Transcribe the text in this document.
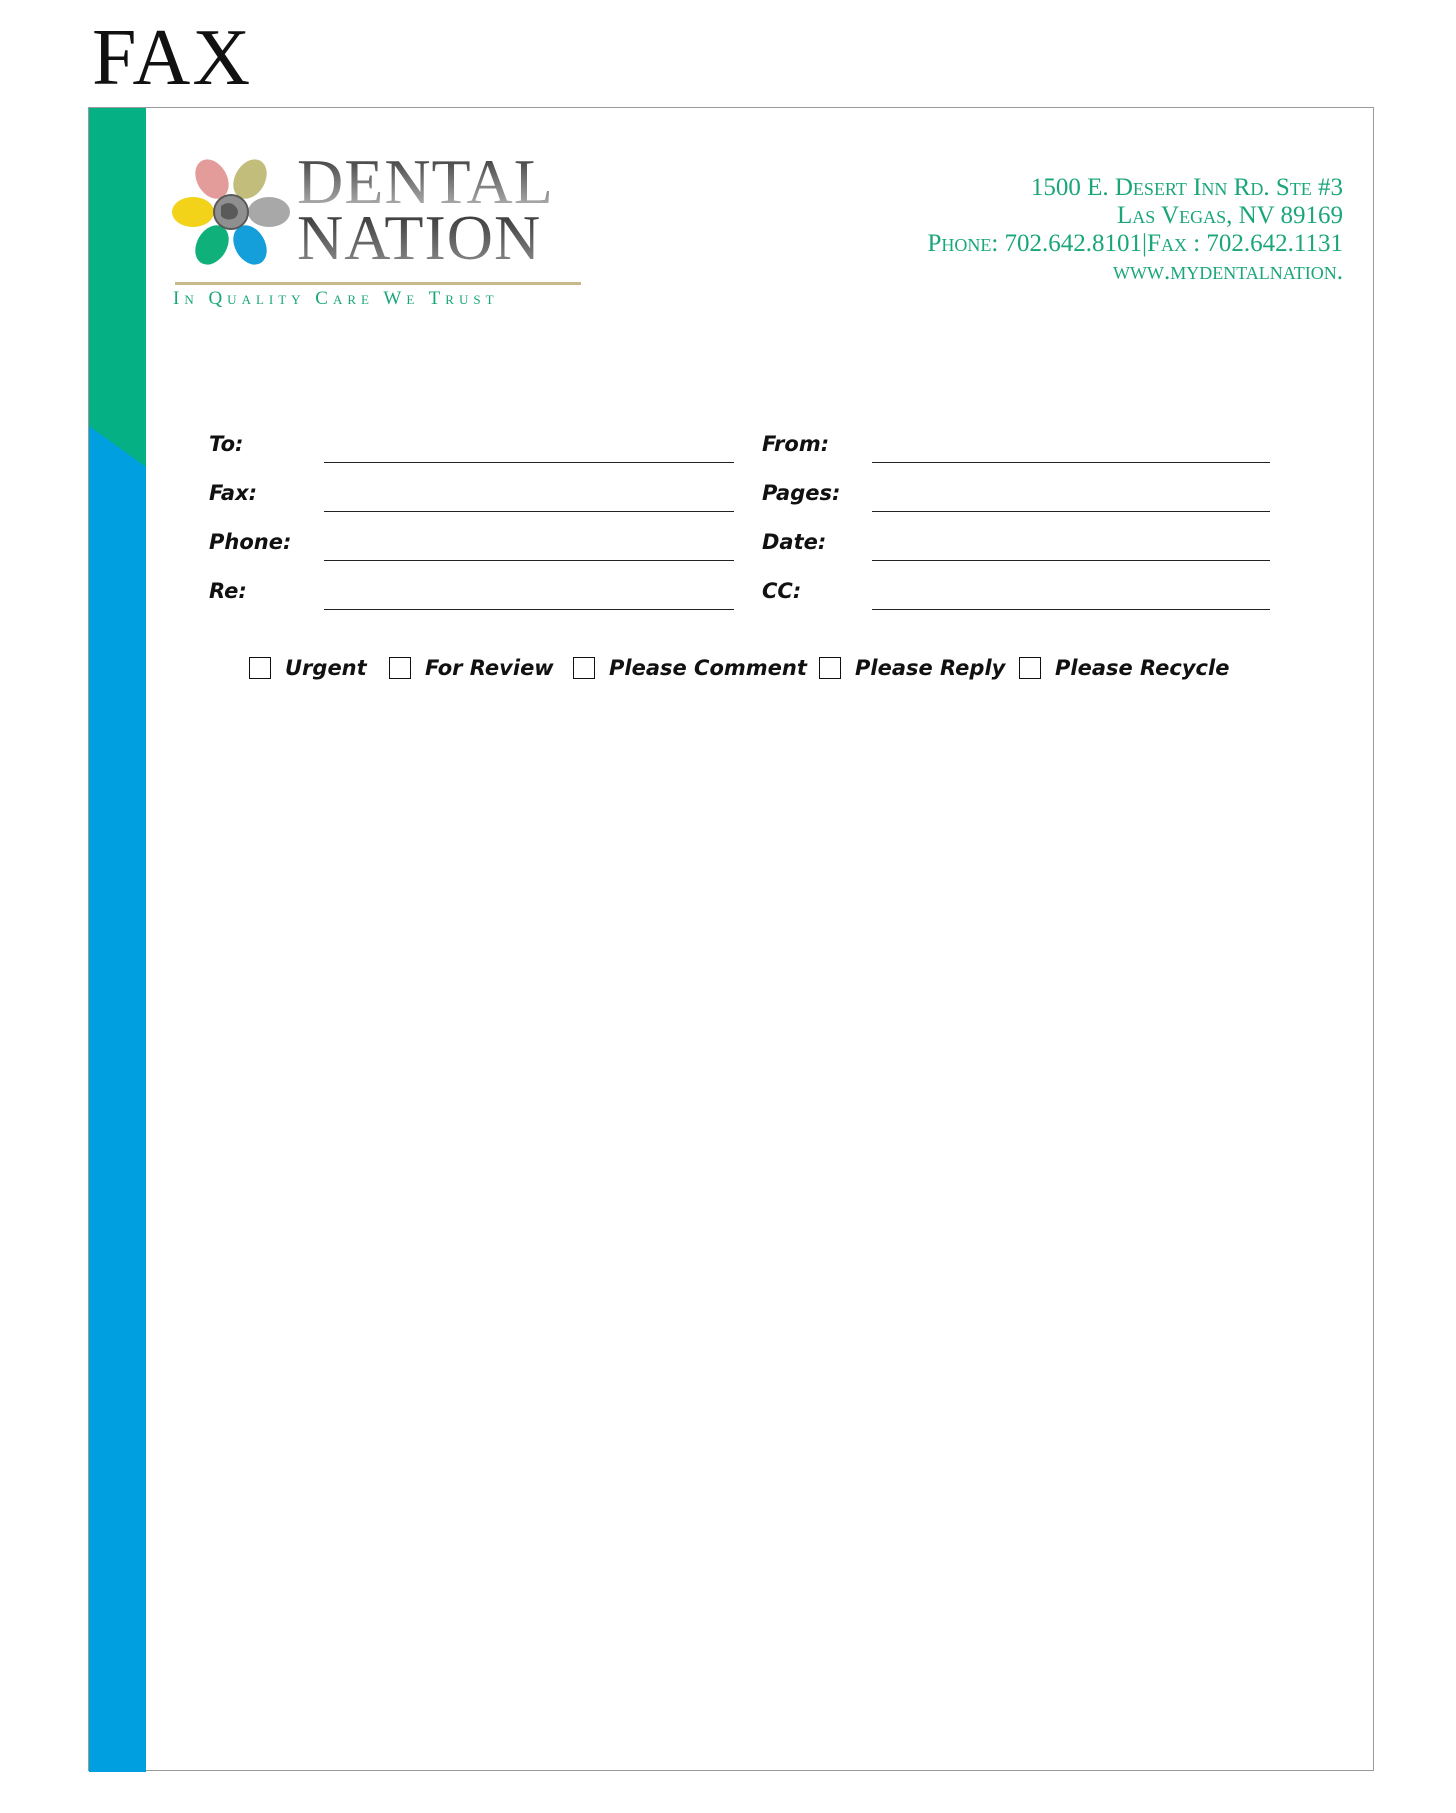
FAX
DENTAL
NATION

In Quality Care We Trust

1500 E. Desert Inn Rd. Ste #3
Las Vegas, NV 89169
Phone: 702.642.8101|Fax : 702.642.1131
www.mydentalnation.
To:
Fax:
Phone:
Re:
From:
Pages:
Date:
CC:
Urgent	For Review	Please Comment Please Reply Please Recycle
